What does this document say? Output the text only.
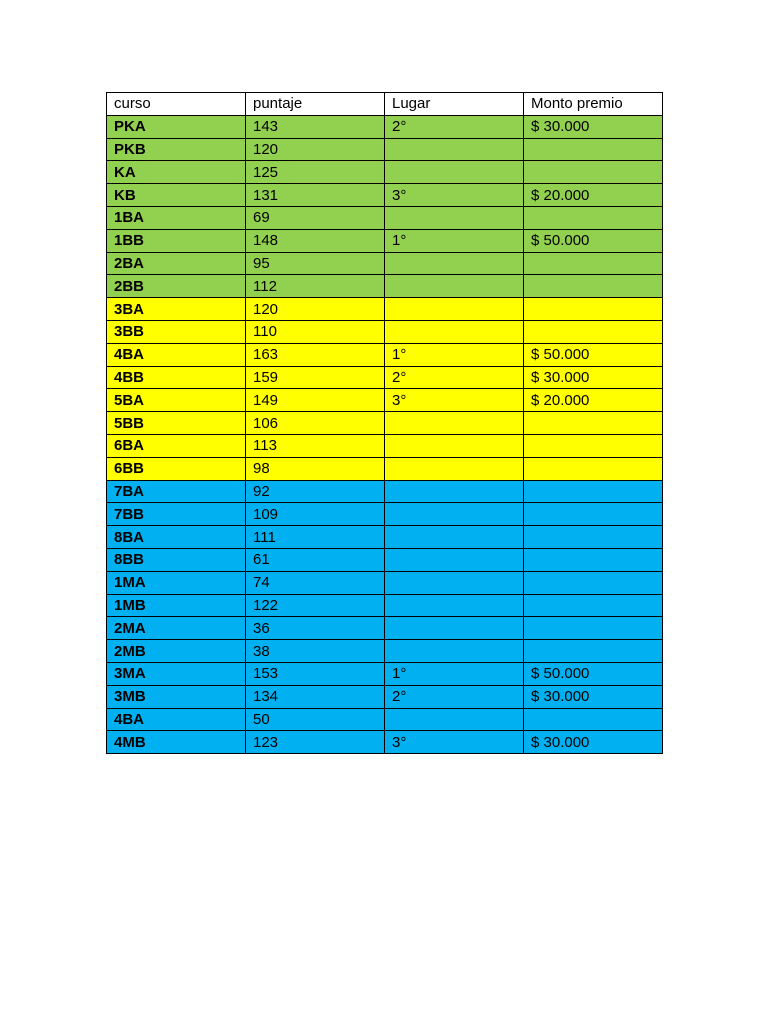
curso	puntaje	Lugar	Monto premio
PKA	143	2°	$ 30.000
PKB	120		
KA	125		
KB	131	3°	$ 20.000
1BA	69		
1BB	148	1°	$ 50.000
2BA	95		
2BB	112		
3BA	120		
3BB	110		
4BA	163	1°	$ 50.000
4BB	159	2°	$ 30.000
5BA	149	3°	$ 20.000
5BB	106		
6BA	113		
6BB	98		
7BA	92		
7BB	109		
8BA	111		
8BB	61		
1MA	74		
1MB	122		
2MA	36		
2MB	38		
3MA	153	1°	$ 50.000
3MB	134	2°	$ 30.000
4BA	50		
4MB	123	3°	$ 30.000
